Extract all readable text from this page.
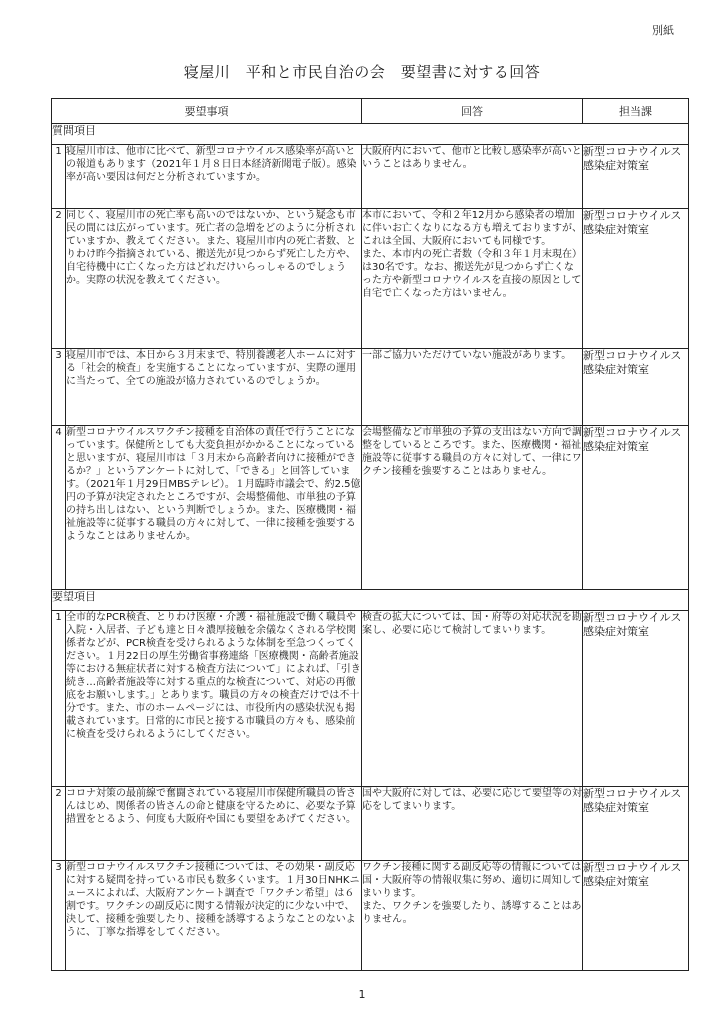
別紙
寝屋川　平和と市民自治の会　要望書に対する回答
要望事項		回答	担当課
質問項目			
1	寝屋川市は、他市に比べて、新型コロナウイルス感染率が高いとの報道もあります（2021年１月８日日本経済新聞電子版）。感染率が高い要因は何だと分析されていますか。	大阪府内において、他市と比較し感染率が高いということはありません。	新型コロナウイルス感染症対策室
2	同じく、寝屋川市の死亡率も高いのではないか、という疑念も市民の間には広がっています。死亡者の急増をどのように分析されていますか、教えてください。また、寝屋川市内の死亡者数、とりわけ昨今指摘されている、搬送先が見つからず死亡した方や、自宅待機中に亡くなった方はどれだけいらっしゃるのでしょうか。実際の状況を教えてください。	本市において、令和２年12月から感染者の増加に伴いお亡くなりになる方も増えておりますが、これは全国、大阪府においても同様です。
また、本市内の死亡者数（令和３年１月末現在）は30名です。なお、搬送先が見つからず亡くなった方や新型コロナウイルスを直接の原因として自宅で亡くなった方はいません。	新型コロナウイルス感染症対策室
3	寝屋川市では、本日から３月末まで、特別養護老人ホームに対する「社会的検査」を実施することになっていますが、実際の運用に当たって、全ての施設が協力されているのでしょうか。	一部ご協力いただけていない施設があります。	新型コロナウイルス感染症対策室
4	新型コロナウイルスワクチン接種を自治体の責任で行うことになっています。保健所としても大変負担がかかることになっていると思いますが、寝屋川市は「３月末から高齢者向けに接種ができるか？」というアンケートに対して、「できる」と回答しています。（2021年１月29日MBSテレビ）。１月臨時市議会で、約2.5億円の予算が決定されたところですが、会場整備他、市単独の予算の持ち出しはない、という判断でしょうか。また、医療機関・福祉施設等に従事する職員の方々に対して、一律に接種を強要するようなことはありませんか。	会場整備など市単独の予算の支出はない方向で調整をしているところです。また、医療機関・福祉施設等に従事する職員の方々に対して、一律にワクチン接種を強要することはありません。	新型コロナウイルス感染症対策室
要望項目			
1	全市的なPCR検査、とりわけ医療・介護・福祉施設で働く職員や入院・入居者、子ども達と日々濃厚接触を余儀なくされる学校関係者などが、PCR検査を受けられるような体制を至急つくってください。１月22日の厚生労働省事務連絡「医療機関・高齢者施設等における無症状者に対する検査方法について」によれば、「引き続き…高齢者施設等に対する重点的な検査について、対応の再徹底をお願いします。」とあります。職員の方々の検査だけでは不十分です。また、市のホームページには、市役所内の感染状況も掲載されています。日常的に市民と接する市職員の方々も、感染前に検査を受けられるようにしてください。	検査の拡大については、国・府等の対応状況を勘案し、必要に応じて検討してまいります。	新型コロナウイルス感染症対策室
2	コロナ対策の最前線で奮闘されている寝屋川市保健所職員の皆さんはじめ、関係者の皆さんの命と健康を守るために、必要な予算措置をとるよう、何度も大阪府や国にも要望をあげてください。	国や大阪府に対しては、必要に応じて要望等の対応をしてまいります。	新型コロナウイルス感染症対策室
3	新型コロナウイルスワクチン接種については、その効果・副反応に対する疑問を持っている市民も数多くいます。１月30日NHKニュースによれば、大阪府アンケート調査で「ワクチン希望」は６割です。ワクチンの副反応に関する情報が決定的に少ない中で、決して、接種を強要したり、接種を誘導するようなことのないように、丁寧な指導をしてください。	ワクチン接種に関する副反応等の情報については国・大阪府等の情報収集に努め、適切に周知してまいります。
また、ワクチンを強要したり、誘導することはありません。	新型コロナウイルス感染症対策室
1
